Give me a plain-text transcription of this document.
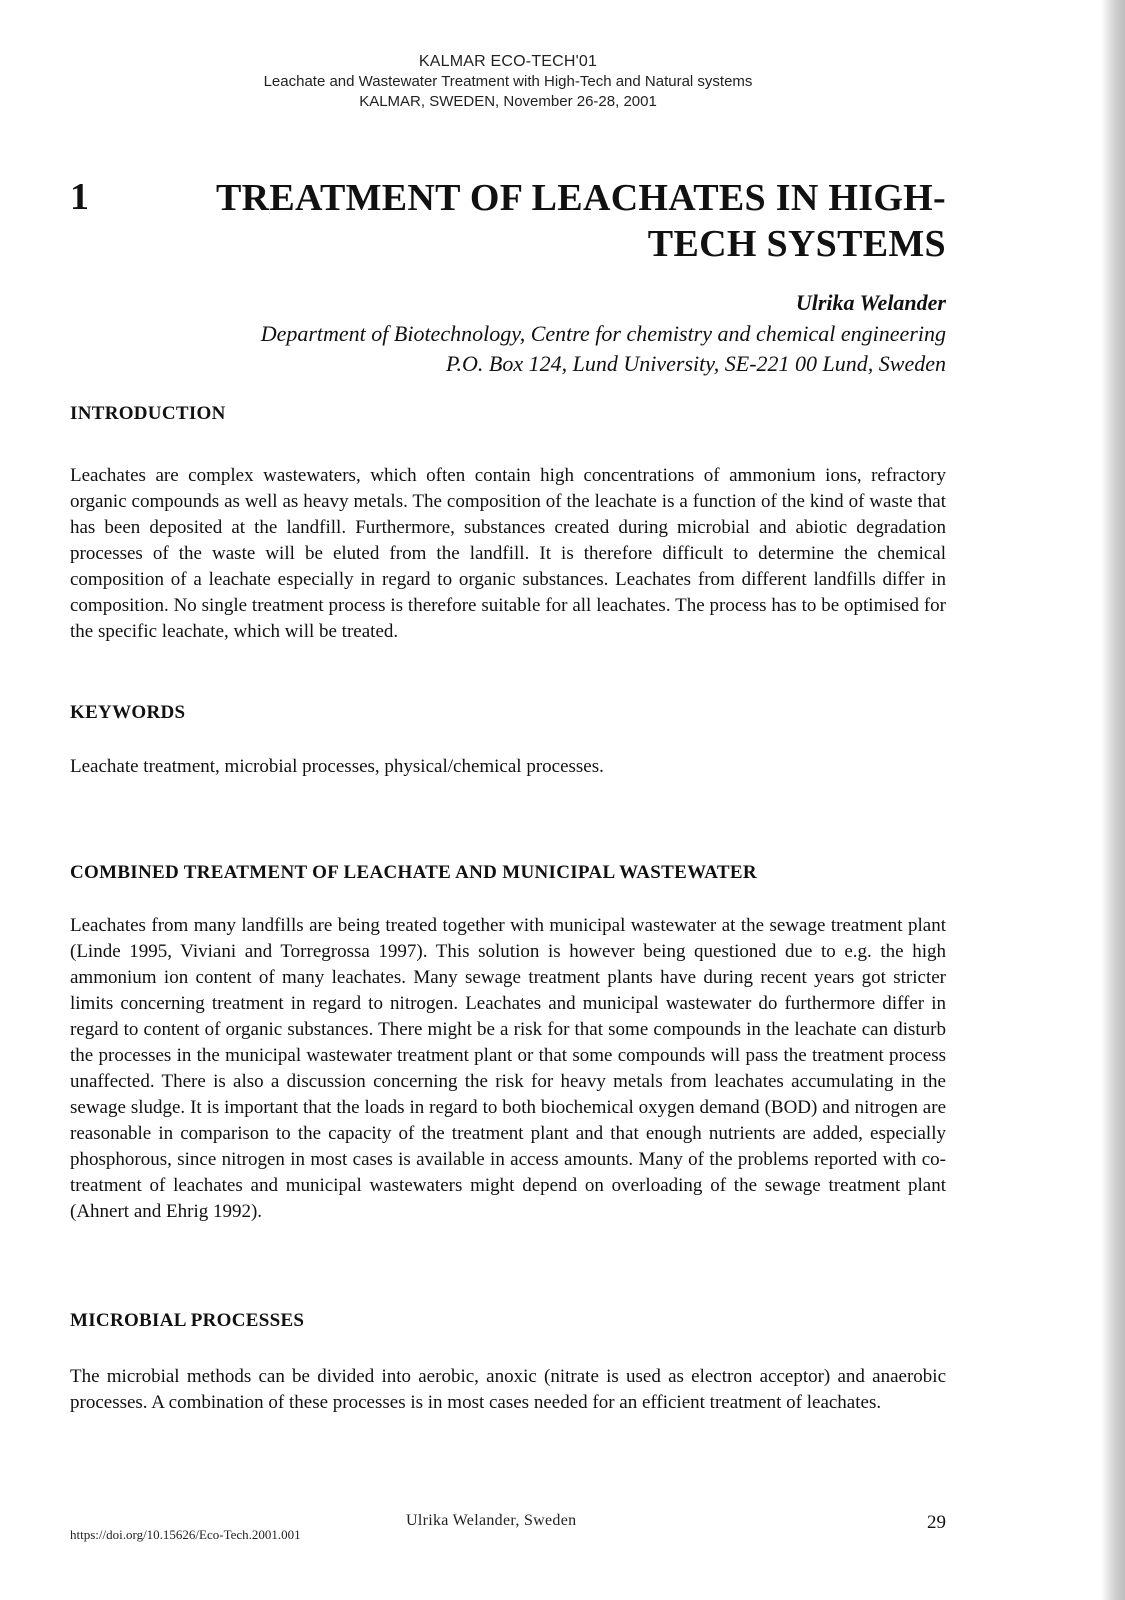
KALMAR ECO-TECH'01
Leachate and Wastewater Treatment with High-Tech and Natural systems
KALMAR, SWEDEN, November 26-28, 2001
1	TREATMENT OF LEACHATES IN HIGH-
TECH SYSTEMS
Ulrika Welander
Department of Biotechnology, Centre for chemistry and chemical engineering
P.O. Box 124, Lund University, SE-221 00 Lund, Sweden
INTRODUCTION

Leachates are complex wastewaters, which often contain high concentrations of ammonium ions, refractory organic compounds as well as heavy metals. The composition of the leachate is a function of the kind of waste that has been deposited at the landfill. Furthermore, substances created during microbial and abiotic degradation processes of the waste will be eluted from the landfill. It is therefore difficult to determine the chemical composition of a leachate especially in regard to organic substances. Leachates from different landfills differ in composition. No single treatment process is therefore suitable for all leachates. The process has to be optimised for the specific leachate, which will be treated.

KEYWORDS

Leachate treatment, microbial processes, physical/chemical processes.

COMBINED TREATMENT OF LEACHATE AND MUNICIPAL WASTEWATER

Leachates from many landfills are being treated together with municipal wastewater at the sewage treatment plant (Linde 1995, Viviani and Torregrossa 1997). This solution is however being questioned due to e.g. the high ammonium ion content of many leachates. Many sewage treatment plants have during recent years got stricter limits concerning treatment in regard to nitrogen. Leachates and municipal wastewater do furthermore differ in regard to content of organic substances. There might be a risk for that some compounds in the leachate can disturb the processes in the municipal wastewater treatment plant or that some compounds will pass the treatment process unaffected. There is also a discussion concerning the risk for heavy metals from leachates accumulating in the sewage sludge. It is important that the loads in regard to both biochemical oxygen demand (BOD) and nitrogen are reasonable in comparison to the capacity of the treatment plant and that enough nutrients are added, especially phosphorous, since nitrogen in most cases is available in access amounts. Many of the problems reported with co-treatment of leachates and municipal wastewaters might depend on overloading of the sewage treatment plant (Ahnert and Ehrig 1992).

MICROBIAL PROCESSES

The microbial methods can be divided into aerobic, anoxic (nitrate is used as electron acceptor) and anaerobic processes. A combination of these processes is in most cases needed for an efficient treatment of leachates.

https://doi.org/10.15626/Eco-Tech.2001.001
Ulrika Welander, Sweden	29
